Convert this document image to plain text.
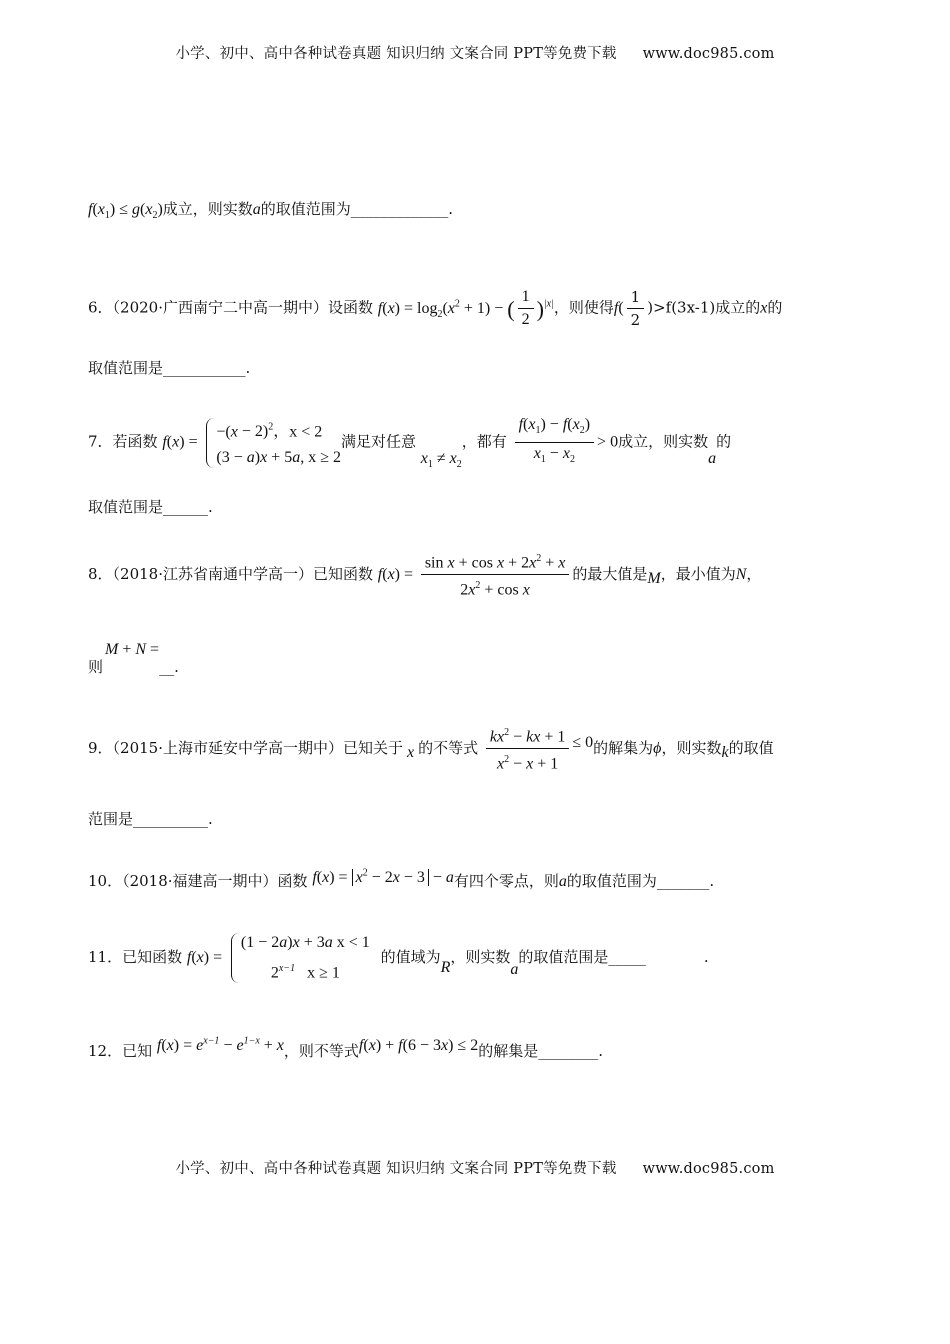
小学、初中、高中各种试卷真题 知识归纳 文案合同 PPT等免费下载 www.doc985.com
$f(x_1) \le g(x_2)$成立，则实数a的取值范围为_____________.
6．（2020·广西南宁二中高一期中）设函数 $f(x) = \log_2(x^2 + 1)$ − ( $\frac{1}{2} )^{|x|}$，则使得$f( \frac{1}{2} )>f(3x-1)$成立的x的
取值范围是___________.
7．若函数 f(x) =
$-(x - 2)^2$，x < 2
(3 − a)x + 5a, x ≥ 2
满足对任意 $x_1 \ne x_2$，都有 $\frac{f(x_1) - f(x_2)}{x_1 - x_2} > 0$成立，则实数a的
取值范围是______.
8．（2018·江苏省南通中学高一）已知函数 $f(x) = \frac{\sin x + \cos x + 2x^2 + x}{2x^2 + \cos x}$ 的最大值是M，最小值为N，
则M + N =__.
9．（2015·上海市延安中学高一期中）已知关于 x 的不等式 $\frac{kx^2 - kx + 1}{x^2 - x + 1} \le 0$的解集为ϕ，则实数k的取值
范围是__________.
10．（2018·福建高一期中）函数 $f(x) = x^2 - 2x - 3 - a$有四个零点，则a的取值范围为_______.
11．已知函数 f(x) =
(1 − 2a)x + 3a x < 1
$2^{x-1}$ x ≥ 1
的值域为R，则实数a的取值范围是_____	.
12．已知 $f(x) = e^{x-1} - e^{1-x} + x$，则不等式f(x) + f(6 − 3x) ≤ 2的解集是________.
小学、初中、高中各种试卷真题 知识归纳 文案合同 PPT等免费下载 www.doc985.com
